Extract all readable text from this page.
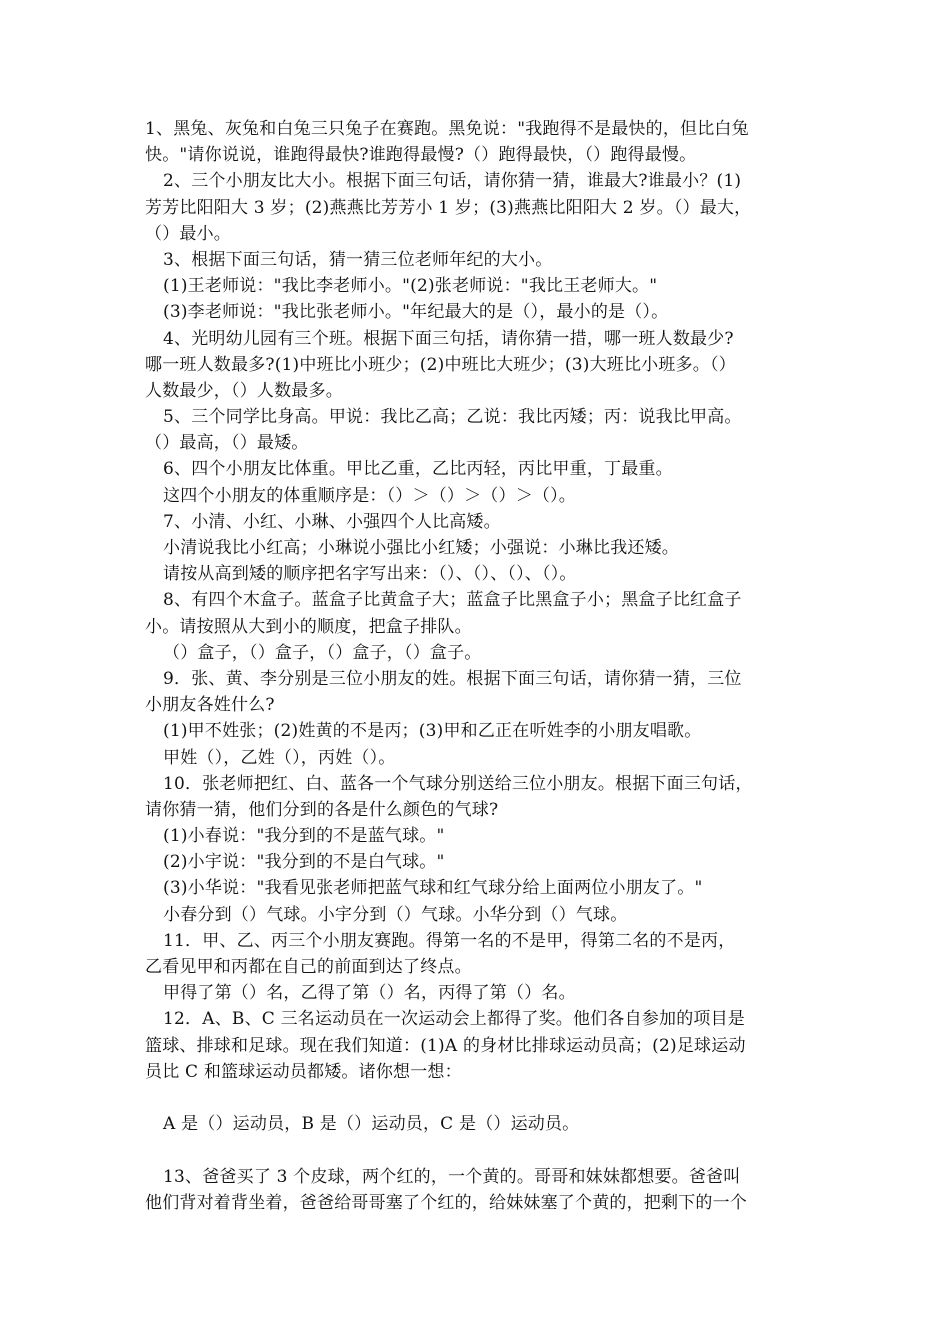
1、黑兔、灰兔和白兔三只兔子在赛跑。黑免说："我跑得不是最快的，但比白兔
快。"请你说说，谁跑得最快?谁跑得最慢?（）跑得最快，（）跑得最慢。
2、三个小朋友比大小。根据下面三句话，请你猜一猜，谁最大?谁最小？(1)
芳芳比阳阳大 3 岁；(2)燕燕比芳芳小 1 岁；(3)燕燕比阳阳大 2 岁。（）最大，
（）最小。
3、根据下面三句话，猜一猜三位老师年纪的大小。
(1)王老师说："我比李老师小。"(2)张老师说："我比王老师大。"
(3)李老师说："我比张老师小。"年纪最大的是（），最小的是（）。
4、光明幼儿园有三个班。根据下面三句括，请你猜一措，哪一班人数最少?
哪一班人数最多?(1)中班比小班少；(2)中班比大班少；(3)大班比小班多。（）
人数最少，（）人数最多。
5、三个同学比身高。甲说：我比乙高；乙说：我比丙矮；丙：说我比甲高。
（）最高，（）最矮。
6、四个小朋友比体重。甲比乙重，乙比丙轻，丙比甲重，丁最重。
这四个小朋友的体重顺序是：（）＞（）＞（）＞（）。
7、小清、小红、小琳、小强四个人比高矮。
小清说我比小红高；小琳说小强比小红矮；小强说：小琳比我还矮。
请按从高到矮的顺序把名字写出来：（）、（）、（）、（）。
8、有四个木盒子。蓝盒子比黄盒子大；蓝盒子比黑盒子小；黑盒子比红盒子
小。请按照从大到小的顺度，把盒子排队。
（）盒子，（）盒子，（）盒子，（）盒子。
9．张、黄、李分别是三位小朋友的姓。根据下面三句话，请你猜一猜，三位
小朋友各姓什么?
(1)甲不姓张；(2)姓黄的不是丙；(3)甲和乙正在听姓李的小朋友唱歌。
甲姓（），乙姓（），丙姓（）。
10．张老师把红、白、蓝各一个气球分别送给三位小朋友。根据下面三句话，
请你猜一猜，他们分到的各是什么颜色的气球?
(1)小春说："我分到的不是蓝气球。"
(2)小宇说："我分到的不是白气球。"
(3)小华说："我看见张老师把蓝气球和红气球分给上面两位小朋友了。"
小春分到（）气球。小宇分到（）气球。小华分到（）气球。
11．甲、乙、丙三个小朋友赛跑。得第一名的不是甲，得第二名的不是丙，
乙看见甲和丙都在自己的前面到达了终点。
甲得了第（）名，乙得了第（）名，丙得了第（）名。
12．A、B、C 三名运动员在一次运动会上都得了奖。他们各自参加的项目是
篮球、排球和足球。现在我们知道：(1)A 的身材比排球运动员高；(2)足球运动
员比 C 和篮球运动员都矮。诸你想一想：
A 是（）运动员，B 是（）运动员，C 是（）运动员。
13、爸爸买了 3 个皮球，两个红的，一个黄的。哥哥和妹妹都想要。爸爸叫
他们背对着背坐着，爸爸给哥哥塞了个红的，给妹妹塞了个黄的，把剩下的一个
